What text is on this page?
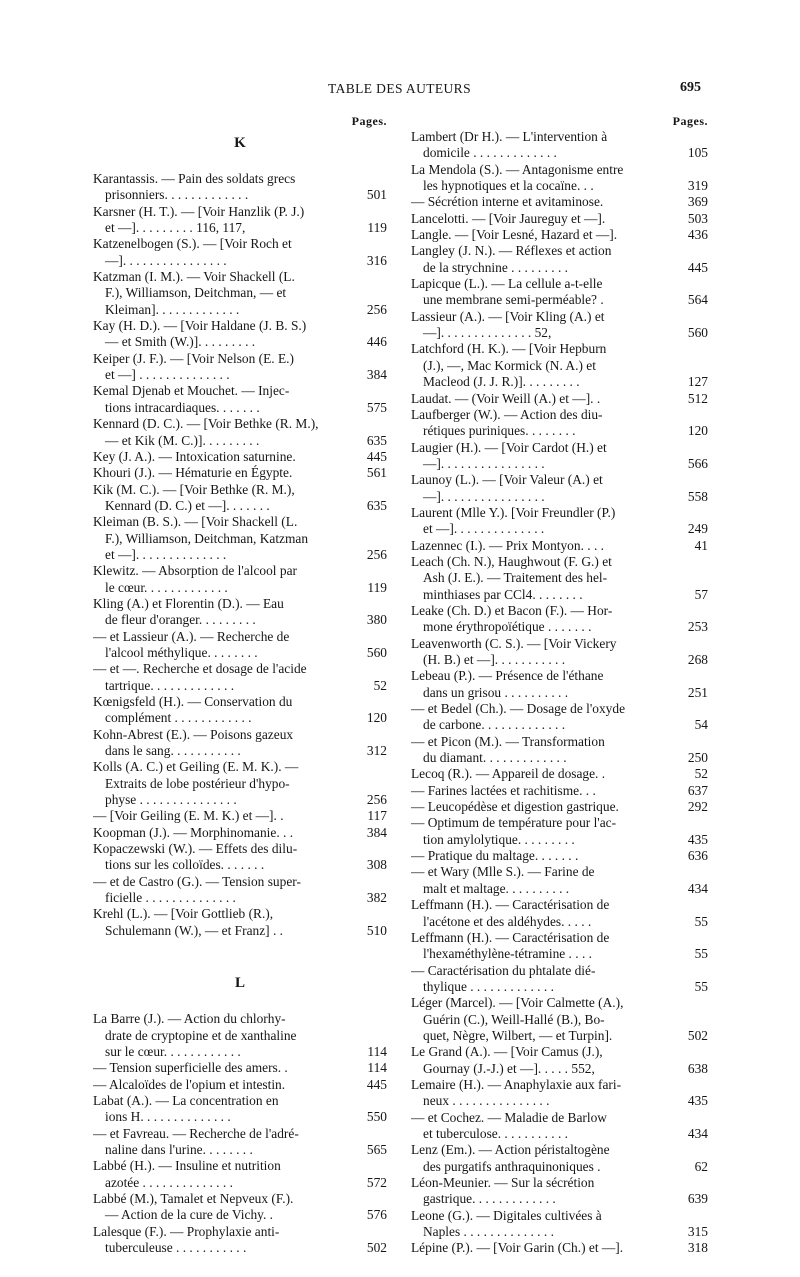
TABLE DES AUTEURS	695
Pages.
K
Karantassis. — Pain des soldats grecs
prisonniers. . . . . . . . . . . . .	501
Karsner (H. T.). — [Voir Hanzlik (P. J.)
et —]. . . . . . . . . 116, 117,	119
Katzenelbogen (S.). — [Voir Roch et
—]. . . . . . . . . . . . . . . .	316
Katzman (I. M.). — Voir Shackell (L.
F.), Williamson, Deitchman, — et
Kleiman]. . . . . . . . . . . . .	256
Kay (H. D.). — [Voir Haldane (J. B. S.)
— et Smith (W.)]. . . . . . . . .	446
Keiper (J. F.). — [Voir Nelson (E. E.)
et —] . . . . . . . . . . . . . .	384
Kemal Djenab et Mouchet. — Injec-
tions intracardiaques. . . . . . .	575
Kennard (D. C.). — [Voir Bethke (R. M.),
— et Kik (M. C.)]. . . . . . . . .	635
Key (J. A.). — Intoxication saturnine.	445
Khouri (J.). — Hématurie en Égypte.	561
Kik (M. C.). — [Voir Bethke (R. M.),
Kennard (D. C.) et —]. . . . . . .	635
Kleiman (B. S.). — [Voir Shackell (L.
F.), Williamson, Deitchman, Katzman
et —]. . . . . . . . . . . . . .	256
Klewitz. — Absorption de l'alcool par
le cœur. . . . . . . . . . . . .	119
Kling (A.) et Florentin (D.). — Eau
de fleur d'oranger. . . . . . . . .	380
— et Lassieur (A.). — Recherche de
l'alcool méthylique. . . . . . . .	560
— et —. Recherche et dosage de l'acide
tartrique. . . . . . . . . . . . .	52
Kœnigsfeld (H.). — Conservation du
complément . . . . . . . . . . . .	120
Kohn-Abrest (E.). — Poisons gazeux
dans le sang. . . . . . . . . . .	312
Kolls (A. C.) et Geiling (E. M. K.). —
Extraits de lobe postérieur d'hypo-
physe . . . . . . . . . . . . . . .	256
— [Voir Geiling (E. M. K.) et —]. .	117
Koopman (J.). — Morphinomanie. . .	384
Kopaczewski (W.). — Effets des dilu-
tions sur les colloïdes. . . . . . .	308
— et de Castro (G.). — Tension super-
ficielle . . . . . . . . . . . . . .	382
Krehl (L.). — [Voir Gottlieb (R.),
Schulemann (W.), — et Franz] . .	510
L
La Barre (J.). — Action du chlorhy-
drate de cryptopine et de xanthaline
sur le cœur. . . . . . . . . . . .	114
— Tension superficielle des amers. .	114
— Alcaloïdes de l'opium et intestin.	445
Labat (A.). — La concentration en
ions H. . . . . . . . . . . . . .	550
— et Favreau. — Recherche de l'adré-
naline dans l'urine. . . . . . . .	565
Labbé (H.). — Insuline et nutrition
azotée . . . . . . . . . . . . . .	572
Labbé (M.), Tamalet et Nepveux (F.).
— Action de la cure de Vichy. .	576
Lalesque (F.). — Prophylaxie anti-
tuberculeuse . . . . . . . . . . .	502
Pages.
Lambert (Dr H.). — L'intervention à
domicile . . . . . . . . . . . . .	105
La Mendola (S.). — Antagonisme entre
les hypnotiques et la cocaïne. . .	319
— Sécrétion interne et avitaminose.	369
Lancelotti. — [Voir Jaurеguy et —].	503
Langle. — [Voir Lesné, Hazard et —].	436
Langley (J. N.). — Réflexes et action
de la strychnine . . . . . . . . .	445
Lapicque (L.). — La cellule a-t-elle
une membrane semi-perméable? .	564
Lassieur (A.). — [Voir Kling (A.) et
—]. . . . . . . . . . . . . . 52,	560
Latchford (H. K.). — [Voir Hepburn
(J.), —, Mac Kormick (N. A.) et
Macleod (J. J. R.)]. . . . . . . . .	127
Laudat. — (Voir Weill (A.) et —]. .	512
Laufberger (W.). — Action des diu-
rétiques puriniques. . . . . . . .	120
Laugier (H.). — [Voir Cardot (H.) et
—]. . . . . . . . . . . . . . . .	566
Launoy (L.). — [Voir Valeur (A.) et
—]. . . . . . . . . . . . . . . .	558
Laurent (Mlle Y.). [Voir Freundler (P.)
et —]. . . . . . . . . . . . . .	249
Lazennec (I.). — Prix Montyon. . . .	41
Leach (Ch. N.), Haughwout (F. G.) et
Ash (J. E.). — Traitement des hel-
minthiases par CCl4. . . . . . . .	57
Leake (Ch. D.) et Bacon (F.). — Hor-
mone érythropoïétique . . . . . . .	253
Leavenworth (C. S.). — [Voir Vickery
(H. B.) et —]. . . . . . . . . . .	268
Lebeau (P.). — Présence de l'éthane
dans un grisou . . . . . . . . . .	251
— et Bedel (Ch.). — Dosage de l'oxyde
de carbone. . . . . . . . . . . . .	54
— et Picon (M.). — Transformation
du diamant. . . . . . . . . . . . .	250
Lecoq (R.). — Appareil de dosage. .	52
— Farines lactées et rachitisme. . .	637
— Leucopédèse et digestion gastrique.	292
— Optimum de température pour l'ac-
tion amylolytique. . . . . . . . .	435
— Pratique du maltage. . . . . . .	636
— et Wary (Mlle S.). — Farine de
malt et maltage. . . . . . . . . .	434
Leffmann (H.). — Caractérisation de
l'acétone et des aldéhydes. . . . .	55
Leffmann (H.). — Caractérisation de
l'hexaméthylène-tétramine . . . .	55
— Caractérisation du phtalate dié-
thylique . . . . . . . . . . . . .	55
Léger (Marcel). — [Voir Calmette (A.),
Guérin (C.), Weill-Hallé (B.), Bo-
quet, Nègre, Wilbert, — et Turpin].	502
Le Grand (A.). — [Voir Camus (J.),
Gournay (J.-J.) et —]. . . . . 552,	638
Lemaire (H.). — Anaphylaxie aux fari-
neux . . . . . . . . . . . . . . .	435
— et Cochez. — Maladie de Barlow
et tuberculose. . . . . . . . . . .	434
Lenz (Em.). — Action péristaltogène
des purgatifs anthraquinoniques .	62
Léon-Meunier. — Sur la sécrétion
gastrique. . . . . . . . . . . . .	639
Leone (G.). — Digitales cultivées à
Naples . . . . . . . . . . . . . .	315
Lépine (P.). — [Voir Garin (Ch.) et —].	318
